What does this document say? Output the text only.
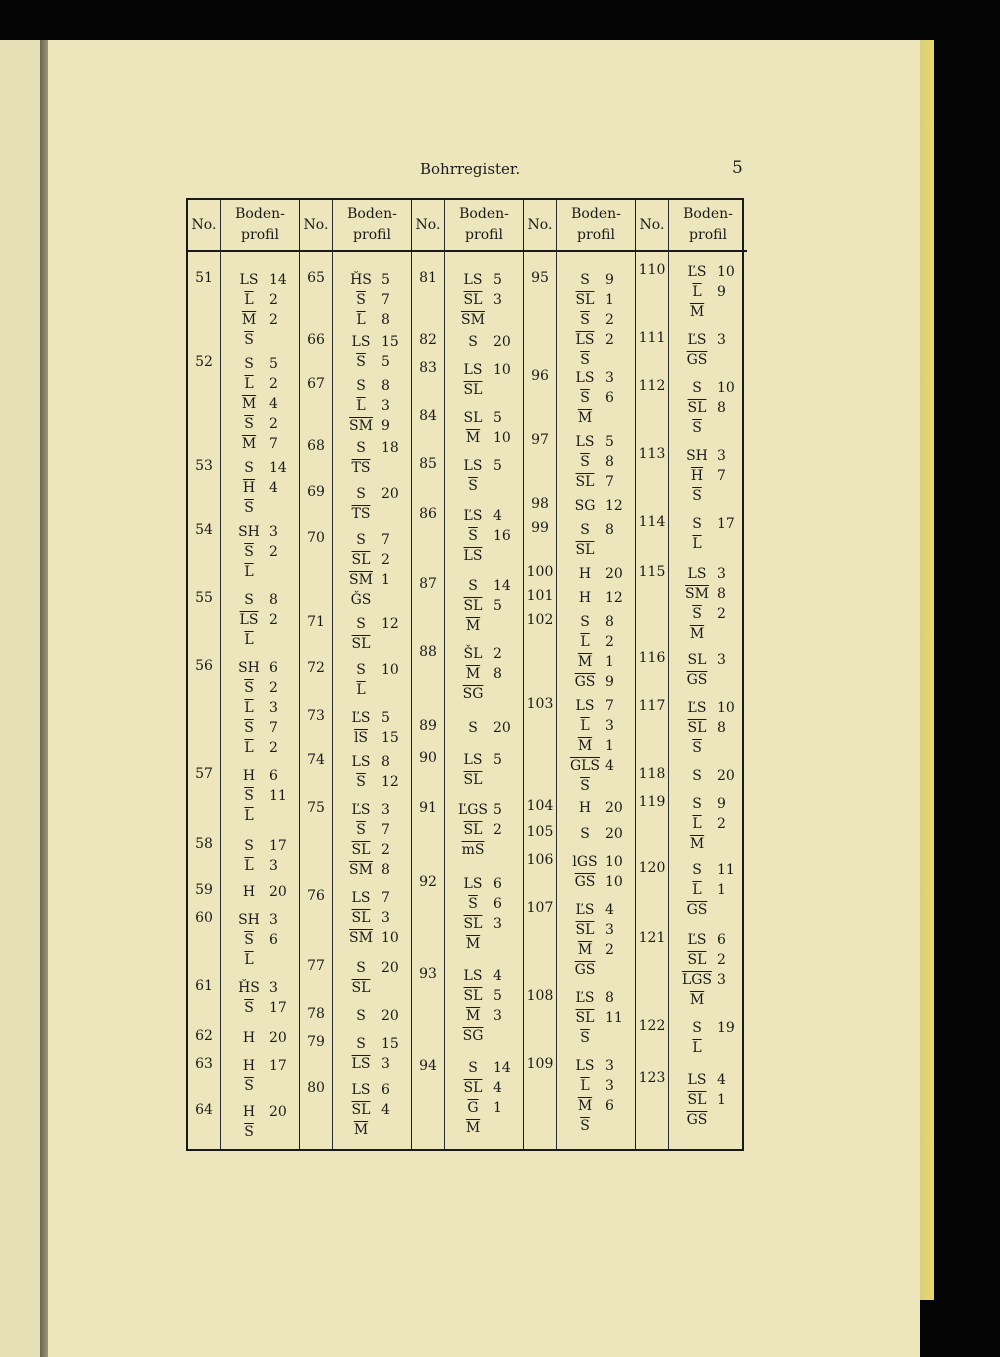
Bohrregister.	5
No.
51
52
53
54
55
56
57
58
59
60
61
62
63
64
Boden-
profil
LS 14
$\overline{L}$ 2
$\overline{M}$ 2
$\overline{S}$
S 5
$\overline{L}$ 2
$\overline{M}$ 4
$\overline{S}$ 2
$\overline{M}$ 7
S 14
$\overline{H}$ 4
$\overline{S}$
SH 3
$\overline{S}$ 2
$\overline{L}$
S 8
$\overline{LS}$ 2
$\overline{L}$
SH 6
$\overline{S}$ 2
$\overline{L}$ 3
$\overline{S}$ 7
$\overline{L}$ 2
H 6
$\overline{S}$ 11
$\overline{L}$
S 17
$\overline{L}$ 3
H 20
SH 3
$\overline{S}$ 6
$\overline{L}$
ȞS 3
$\overline{S}$ 17
H 20
H 17
$\overline{S}$
H 20
$\overline{S}$
No.
65
66
67
68
69
70
71
72
73
74
75
76
77
78
79
80
Boden-
profil
ȞS 5
$\overline{S}$ 7
$\overline{L}$ 8
LS 15
$\overline{S}$ 5
S 8
$\overline{L}$ 3
$\overline{SM}$ 9
S 18
$\overline{TS}$
S 20
$\overline{TS}$
S 7
$\overline{SL}$ 2
$\overline{SM}$ 1
ǦS
S 12
$\overline{SL}$
S 10
$\overline{L}$
ĽS 5
$\overline{lS}$ 15
LS 8
$\overline{S}$ 12
ĽS 3
$\overline{S}$ 7
$\overline{SL}$ 2
$\overline{SM}$ 8
LS 7
$\overline{SL}$ 3
$\overline{SM}$ 10
S 20
$\overline{SL}$
S 20
S 15
$\overline{LS}$ 3
LS 6
$\overline{SL}$ 4
$\overline{M}$
No.
81
82
83
84
85
86
87
88
89
90
91
92
93
94
Boden-
profil
LS 5
$\overline{SL}$ 3
$\overline{SM}$
S 20
LS 10
$\overline{SL}$
SL 5
$\overline{M}$ 10
LS 5
$\overline{S}$
ĽS 4
$\overline{S}$ 16
$\overline{LS}$
S 14
$\overline{SL}$ 5
$\overline{M}$
ŠL 2
$\overline{M}$ 8
$\overline{SG}$
S 20
LS 5
$\overline{SL}$
ĽGS 5
$\overline{SL}$ 2
$\overline{mS}$
LS 6
$\overline{S}$ 6
$\overline{SL}$ 3
$\overline{M}$
LS 4
$\overline{SL}$ 5
$\overline{M}$ 3
$\overline{SG}$
S 14
$\overline{SL}$ 4
$\overline{G}$ 1
$\overline{M}$
No.
95
96
97
98
99
100
101
102
103
104
105
106
107
108
109
Boden-
profil
S 9
$\overline{SL}$ 1
$\overline{S}$ 2
$\overline{LS}$ 2
$\overline{S}$
LS 3
$\overline{S}$ 6
$\overline{M}$
LS 5
$\overline{S}$ 8
$\overline{SL}$ 7
SG 12
S 8
$\overline{SL}$
H 20
H 12
S 8
$\overline{L}$ 2
$\overline{M}$ 1
$\overline{GS}$ 9
LS 7
$\overline{L}$ 3
$\overline{M}$ 1
$\overline{GLS}$ 4
$\overline{S}$
H 20
S 20
lGS 10
$\overline{GS}$ 10
ĽS 4
$\overline{SL}$ 3
$\overline{M}$ 2
$\overline{GS}$
ĽS 8
$\overline{SL}$ 11
$\overline{S}$
LS 3
$\overline{L}$ 3
$\overline{M}$ 6
$\overline{S}$
No.
110
111
112
113
114
115
116
117
118
119
120
121
122
123
Boden-
profil
ĽS 10
$\overline{L}$ 9
$\overline{M}$
ĽS 3
$\overline{GS}$
S 10
$\overline{SL}$ 8
$\overline{S}$
SH 3
$\overline{H}$ 7
$\overline{S}$
S 17
$\overline{L}$
LS 3
$\overline{SM}$ 8
$\overline{S}$ 2
$\overline{M}$
SL 3
$\overline{GS}$
ĽS 10
$\overline{SL}$ 8
$\overline{S}$
S 20
S 9
$\overline{L}$ 2
$\overline{M}$
S 11
$\overline{L}$ 1
$\overline{GS}$
ĽS 6
$\overline{SL}$ 2
$\overline{LGS}$ 3
$\overline{M}$
S 19
$\overline{L}$
LS 4
$\overline{SL}$ 1
$\overline{GS}$
